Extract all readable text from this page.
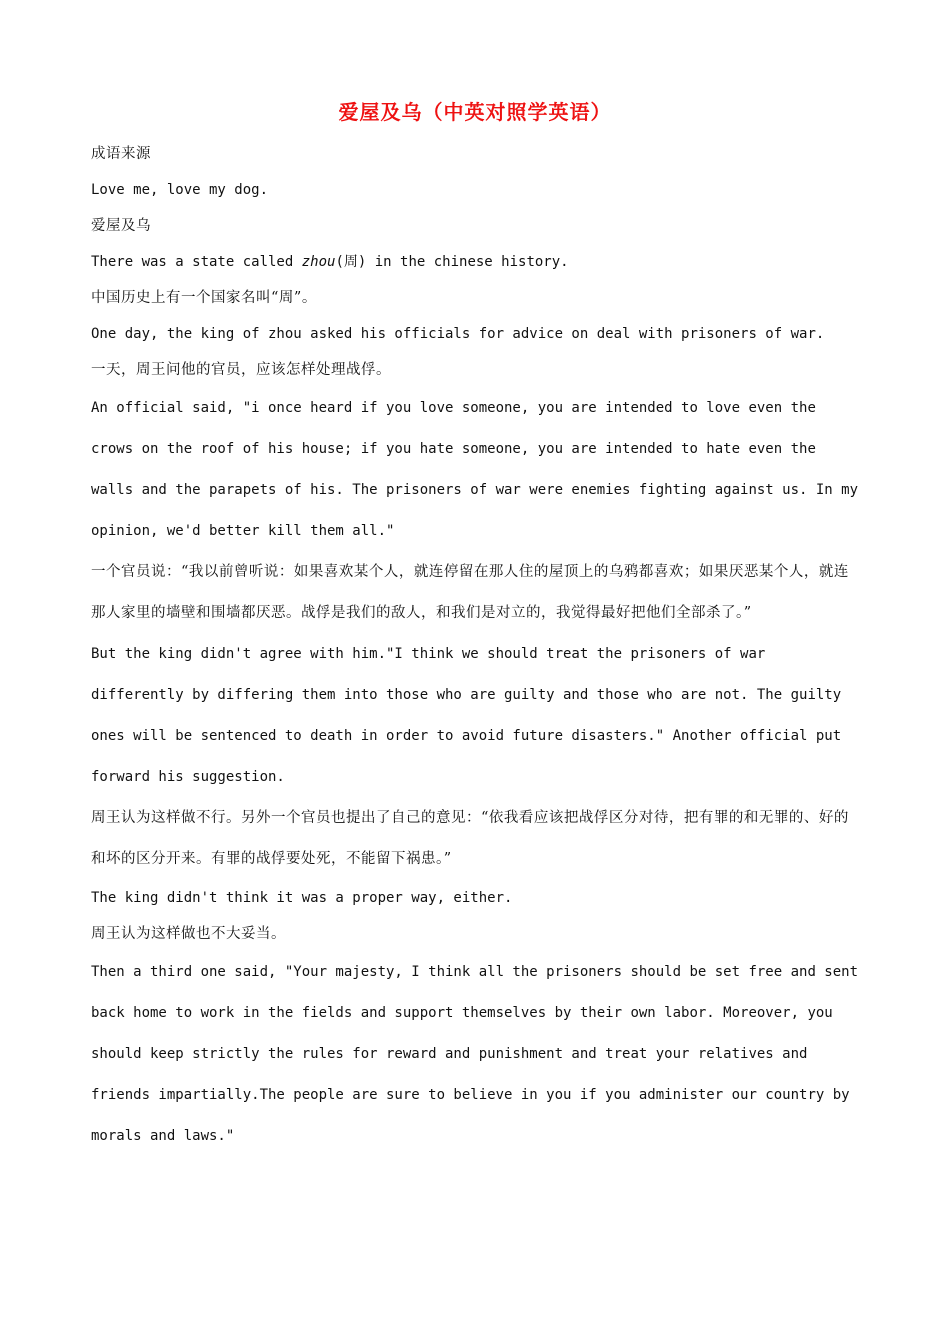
爱屋及乌（中英对照学英语）

成语来源

Love me, love my dog.

爱屋及乌

There was a state called zhou(周) in the chinese history.

中国历史上有一个国家名叫“周”。

One day, the king of zhou asked his officials for advice on deal with prisoners of war.

一天，周王问他的官员，应该怎样处理战俘。

An official said, "i once heard if you love someone, you are intended to love even the crows on the roof of his house; if you hate someone, you are intended to hate even the walls and the parapets of his. The prisoners of war were enemies fighting against us. In my opinion, we'd better kill them all."

一个官员说：“我以前曾听说：如果喜欢某个人，就连停留在那人住的屋顶上的乌鸦都喜欢；如果厌恶某个人，就连那人家里的墙壁和围墙都厌恶。战俘是我们的敌人，和我们是对立的，我觉得最好把他们全部杀了。”

But the king didn't agree with him."I think we should treat the prisoners of war differently by differing them into those who are guilty and those who are not. The guilty ones will be sentenced to death in order to avoid future disasters." Another official put forward his suggestion.

周王认为这样做不行。另外一个官员也提出了自己的意见：“依我看应该把战俘区分对待，把有罪的和无罪的、好的和坏的区分开来。有罪的战俘要处死，不能留下祸患。”

The king didn't think it was a proper way, either.

周王认为这样做也不大妥当。

Then a third one said, "Your majesty, I think all the prisoners should be set free and sent back home to work in the fields and support themselves by their own labor. Moreover, you should keep strictly the rules for reward and punishment and treat your relatives and friends impartially.The people are sure to believe in you if you administer our country by morals and laws."
